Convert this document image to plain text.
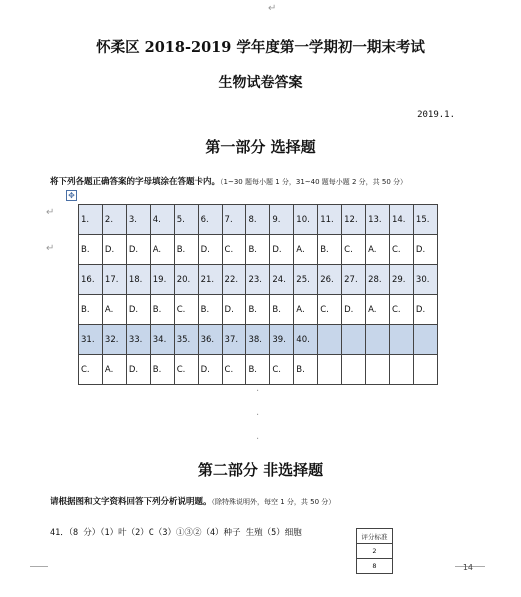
↵
怀柔区 2018-2019 学年度第一学期初一期末考试
生物试卷答案
2019.1.
第一部分 选择题
将下列各题正确答案的字母填涂在答题卡内。（1~30 题每小题 1 分，31~40 题每小题 2 分，共 50 分）
✥
↵
↵
1.	2.	3.	4.	5.	6.	7.	8.	9.	10.	11.	12.	13.	14.	15.
B.	D.	D.	A.	B.	D.	C.	B.	D.	A.	B.	C.	A.	C.	D.
16.	17.	18.	19.	20.	21.	22.	23.	24.	25.	26.	27.	28.	29.	30.
B.	A.	D.	B.	C.	B.	D.	B.	B.	A.	C.	D.	A.	C.	D.
31.	32.	33.	34.	35.	36.	37.	38.	39.	40.					
C.	A.	D.	B.	C.	D.	C.	B.	C.	B.					
.
.
.
第二部分 非选择题
请根据图和文字资料回答下列分析说明题。（除特殊说明外，每空 1 分，共 50 分）
41．（8 分）（1）叶（2）C（3）①③②（4）种子 生殖（5）细胞	评分标准
2
8	14
